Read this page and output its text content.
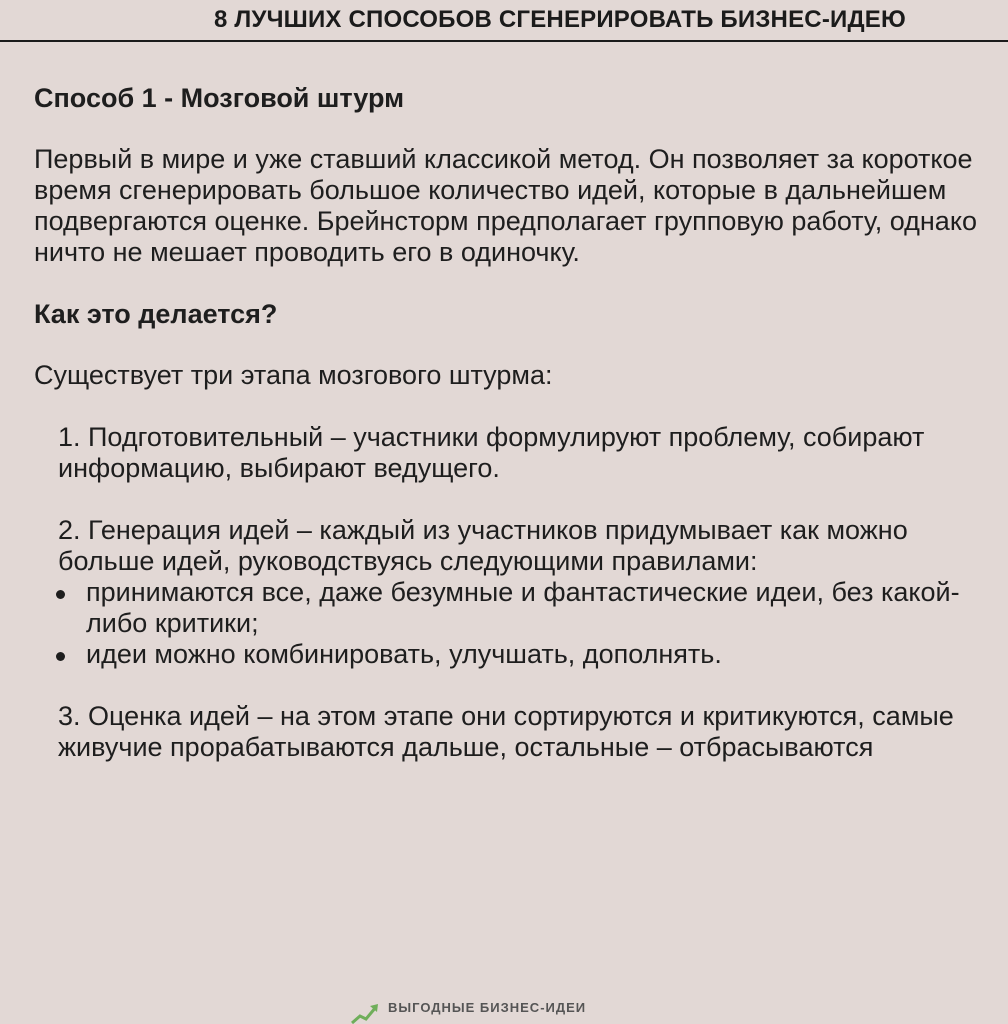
8 ЛУЧШИХ СПОСОБОВ СГЕНЕРИРОВАТЬ БИЗНЕС-ИДЕЮ

Способ 1 - Мозговой штурм

Первый в мире и уже ставший классикой метод. Он позволяет за короткое время сгенерировать большое количество идей, которые в дальнейшем подвергаются оценке. Брейнсторм предполагает групповую работу, однако ничто не мешает проводить его в одиночку.

Как это делается?

Существует три этапа мозгового штурма:

1. Подготовительный – участники формулируют проблему, собирают информацию, выбирают ведущего.

2. Генерация идей – каждый из участников придумывает как можно больше идей, руководствуясь следующими правилами:

принимаются все, даже безумные и фантастические идеи, без какой-либо критики;
идеи можно комбинировать, улучшать, дополнять.

3. Оценка идей – на этом этапе они сортируются и критикуются, самые живучие прорабатываются дальше, остальные – отбрасываются

ВЫГОДНЫЕ БИЗНЕС-ИДЕИ
